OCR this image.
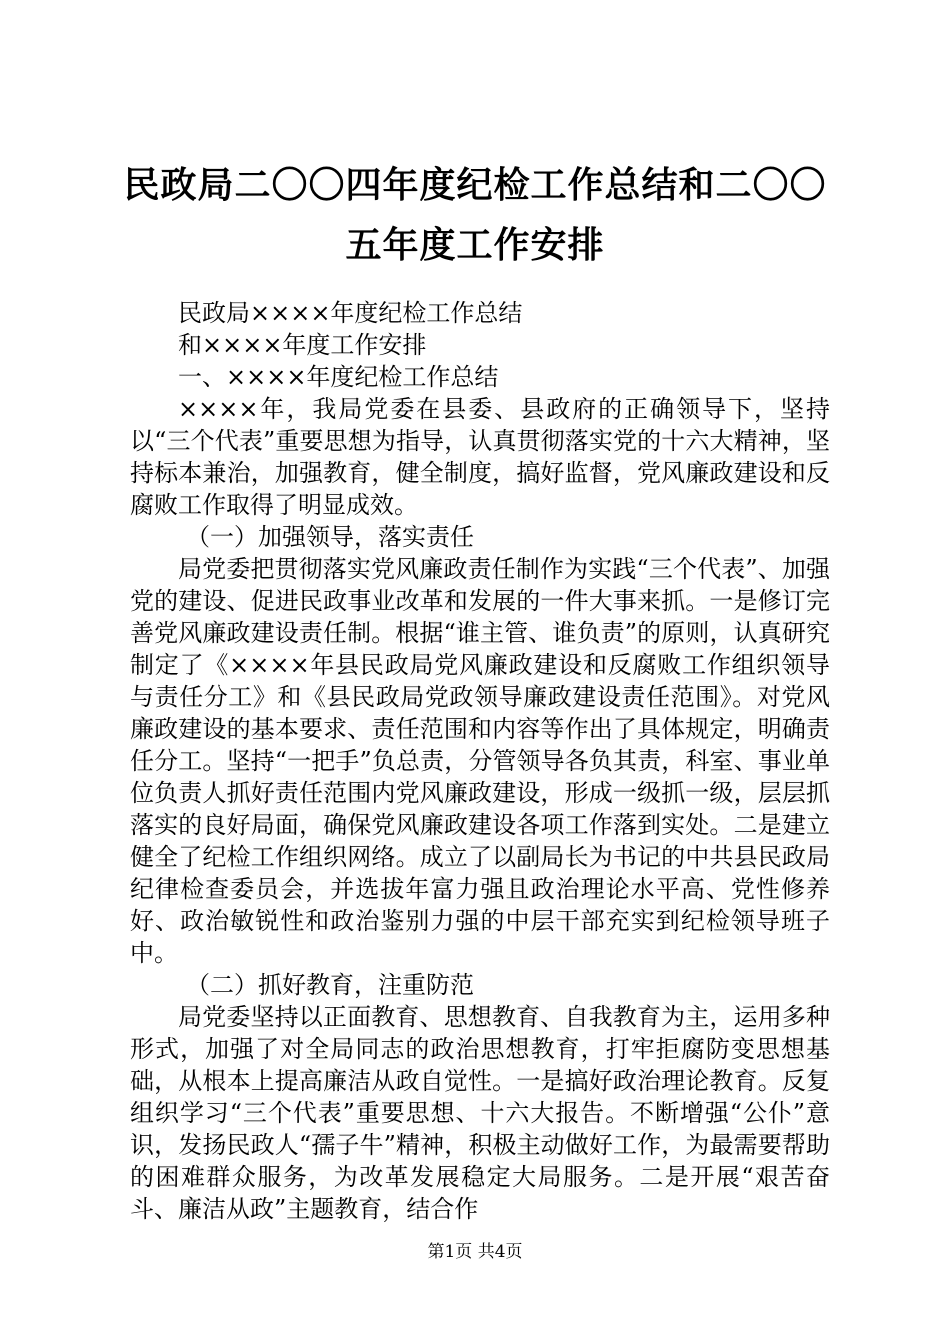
民政局二〇〇四年度纪检工作总结和二〇〇五年度工作安排

民政局××××年度纪检工作总结

和××××年度工作安排

一、××××年度纪检工作总结

××××年，我局党委在县委、县政府的正确领导下，坚持以“三个代表”重要思想为指导，认真贯彻落实党的十六大精神，坚持标本兼治，加强教育，健全制度，搞好监督，党风廉政建设和反腐败工作取得了明显成效。

（一）加强领导，落实责任

局党委把贯彻落实党风廉政责任制作为实践“三个代表”、加强党的建设、促进民政事业改革和发展的一件大事来抓。一是修订完善党风廉政建设责任制。根据“谁主管、谁负责”的原则，认真研究制定了《××××年县民政局党风廉政建设和反腐败工作组织领导与责任分工》和《县民政局党政领导廉政建设责任范围》。对党风廉政建设的基本要求、责任范围和内容等作出了具体规定，明确责任分工。坚持“一把手”负总责，分管领导各负其责，科室、事业单位负责人抓好责任范围内党风廉政建设，形成一级抓一级，层层抓落实的良好局面，确保党风廉政建设各项工作落到实处。二是建立健全了纪检工作组织网络。成立了以副局长为书记的中共县民政局纪律检查委员会，并选拔年富力强且政治理论水平高、党性修养好、政治敏锐性和政治鉴别力强的中层干部充实到纪检领导班子中。

（二）抓好教育，注重防范

局党委坚持以正面教育、思想教育、自我教育为主，运用多种形式，加强了对全局同志的政治思想教育，打牢拒腐防变思想基础，从根本上提高廉洁从政自觉性。一是搞好政治理论教育。反复组织学习“三个代表”重要思想、十六大报告。不断增强“公仆”意识，发扬民政人“孺子牛”精神，积极主动做好工作，为最需要帮助的困难群众服务，为改革发展稳定大局服务。二是开展“艰苦奋斗、廉洁从政”主题教育，结合作

第1页 共4页
